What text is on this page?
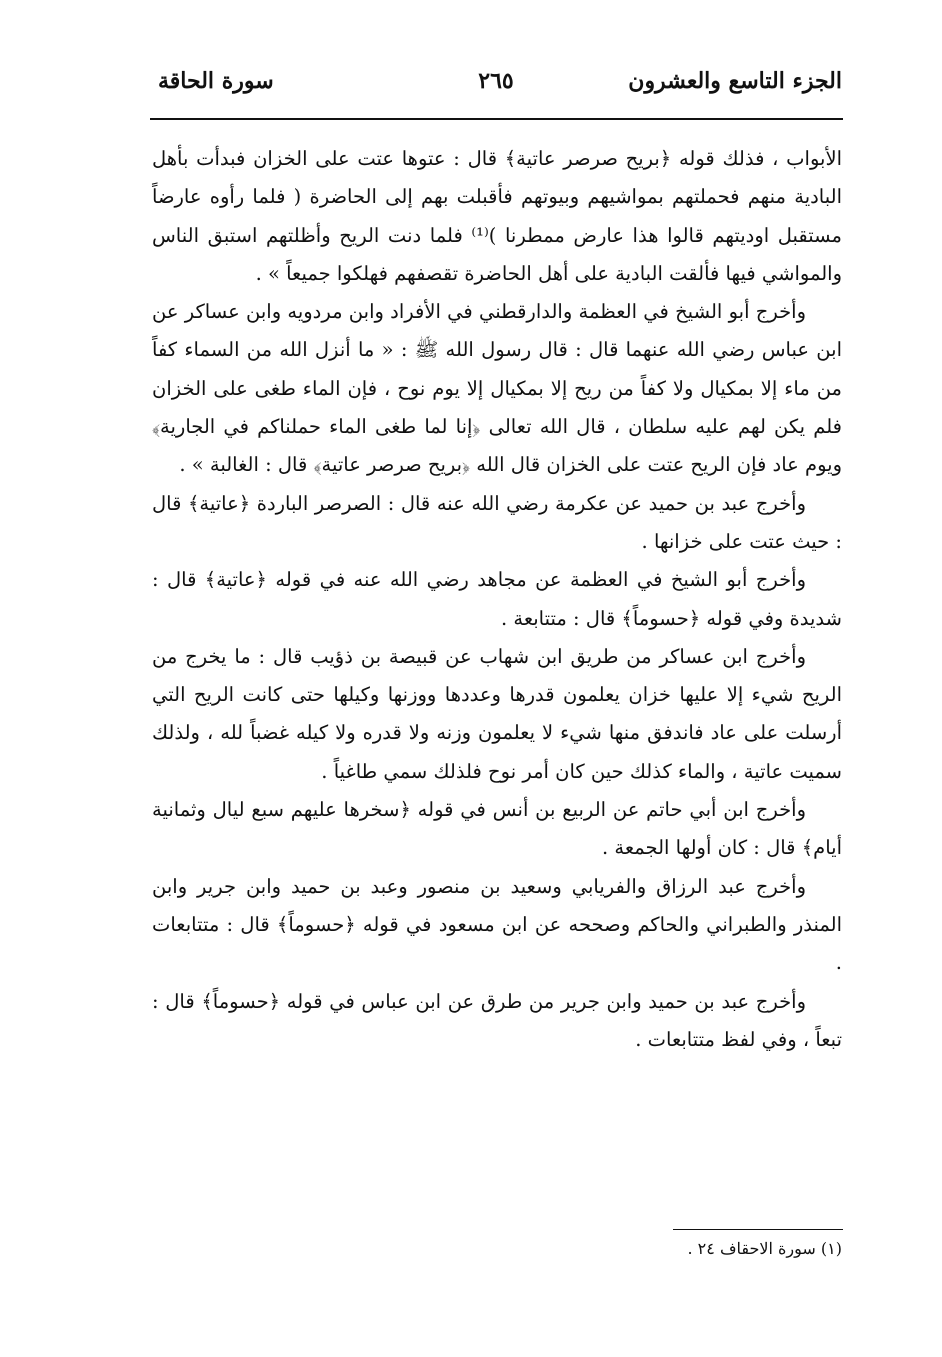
الجزء التاسع والعشرون
٢٦٥
سورة الحاقة

الأبواب ، فذلك قوله ﴿بريح صرصر عاتية﴾ قال : عتوها عتت على الخزان فبدأت بأهل البادية منهم فحملتهم بمواشيهم وبيوتهم فأقبلت بهم إلى الحاضرة ( فلما رأوه عارضاً مستقبل اوديتهم قالوا هذا عارض ممطرنا )⁽¹⁾ فلما دنت الريح وأظلتهم استبق الناس والمواشي فيها فألقت البادية على أهل الحاضرة تقصفهم فهلكوا جميعاً » .

وأخرج أبو الشيخ في العظمة والدارقطني في الأفراد وابن مردويه وابن عساكر عن ابن عباس رضي الله عنهما قال : قال رسول الله ﷺ : « ما أنزل الله من السماء كفاً من ماء إلا بمكيال ولا كفاً من ريح إلا بمكيال إلا يوم نوح ، فإن الماء طغى على الخزان فلم يكن لهم عليه سلطان ، قال الله تعالى ﴿إنا لما طغى الماء حملناكم في الجارية﴾ ويوم عاد فإن الريح عتت على الخزان قال الله ﴿بريح صرصر عاتية﴾ قال : الغالبة » .

وأخرج عبد بن حميد عن عكرمة رضي الله عنه قال : الصرصر الباردة ﴿عاتية﴾ قال : حيث عتت على خزانها .

وأخرج أبو الشيخ في العظمة عن مجاهد رضي الله عنه في قوله ﴿عاتية﴾ قال : شديدة وفي قوله ﴿حسوماً﴾ قال : متتابعة .

وأخرج ابن عساكر من طريق ابن شهاب عن قبيصة بن ذؤيب قال : ما يخرج من الريح شيء إلا عليها خزان يعلمون قدرها وعددها ووزنها وكيلها حتى كانت الريح التي أرسلت على عاد فاندفق منها شيء لا يعلمون وزنه ولا قدره ولا كيله غضباً لله ، ولذلك سميت عاتية ، والماء كذلك حين كان أمر نوح فلذلك سمي طاغياً .

وأخرج ابن أبي حاتم عن الربيع بن أنس في قوله ﴿سخرها عليهم سبع ليال وثمانية أيام﴾ قال : كان أولها الجمعة .

وأخرج عبد الرزاق والفريابي وسعيد بن منصور وعبد بن حميد وابن جرير وابن المنذر والطبراني والحاكم وصححه عن ابن مسعود في قوله ﴿حسوماً﴾ قال : متتابعات .

وأخرج عبد بن حميد وابن جرير من طرق عن ابن عباس في قوله ﴿حسوماً﴾ قال : تبعاً ، وفي لفظ متتابعات .

(١) سورة الاحقاف ٢٤ .
